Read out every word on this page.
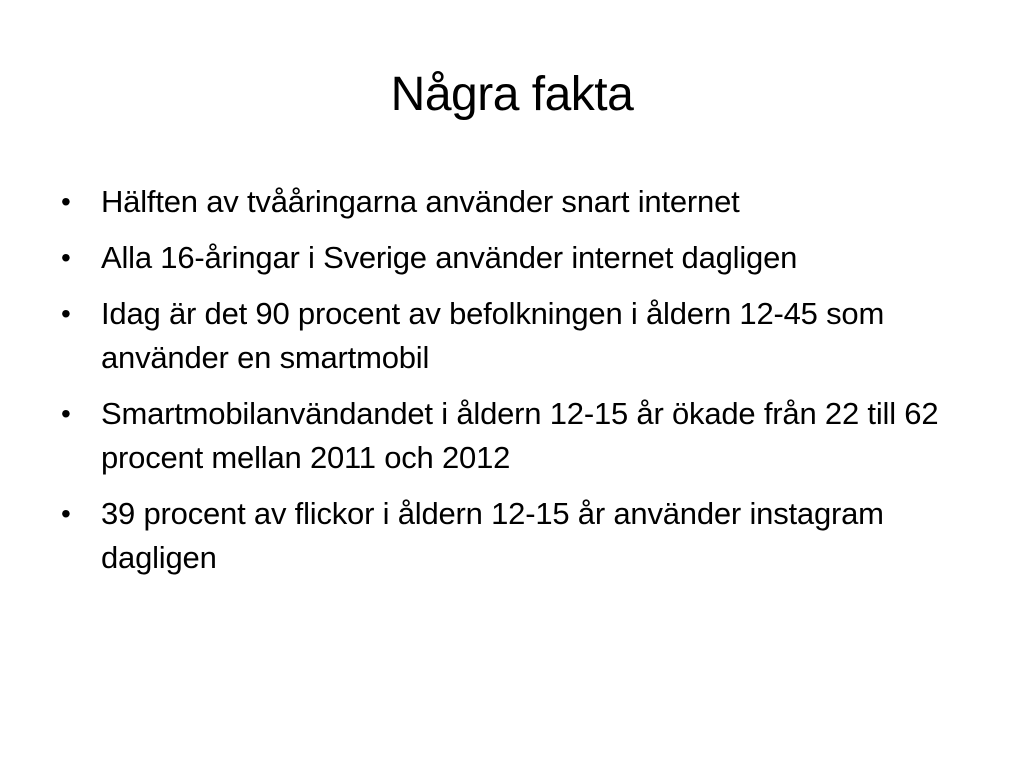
Några fakta
• Hälften av tvååringarna använder snart internet
• Alla 16-åringar i Sverige använder internet dagligen
• Idag är det 90 procent av befolkningen i åldern 12-45 som använder en smartmobil
• Smartmobilanvändandet i åldern 12-15 år ökade från 22 till 62 procent mellan 2011 och 2012
• 39 procent av flickor i åldern 12-15 år använder instagram dagligen
